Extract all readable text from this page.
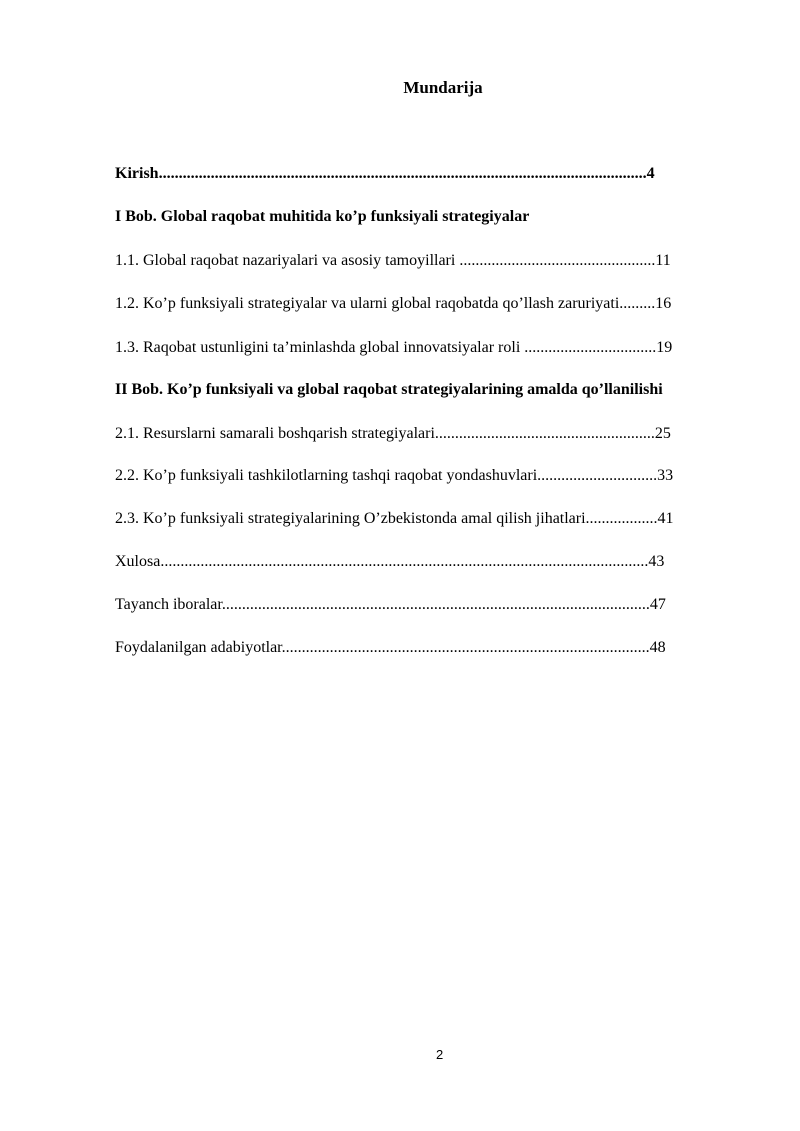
Mundarija
Kirish..........................................................................................................................4
I Bob. Global raqobat muhitida ko’p funksiyali strategiyalar
1.1. Global raqobat nazariyalari va asosiy tamoyillari .................................................11
1.2. Ko’p funksiyali strategiyalar va ularni global raqobatda qo’llash zaruriyati.........16
1.3. Raqobat ustunligini ta’minlashda global innovatsiyalar roli .................................19
II Bob. Ko’p funksiyali va global raqobat strategiyalarining amalda qo’llanilishi
2.1. Resurslarni samarali boshqarish strategiyalari.......................................................25
2.2. Ko’p funksiyali tashkilotlarning tashqi raqobat yondashuvlari..............................33
2.3. Ko’p funksiyali strategiyalarining O’zbekistonda amal qilish jihatlari..................41
Xulosa..........................................................................................................................43
Tayanch iboralar...........................................................................................................47
Foydalanilgan adabiyotlar............................................................................................48
2
